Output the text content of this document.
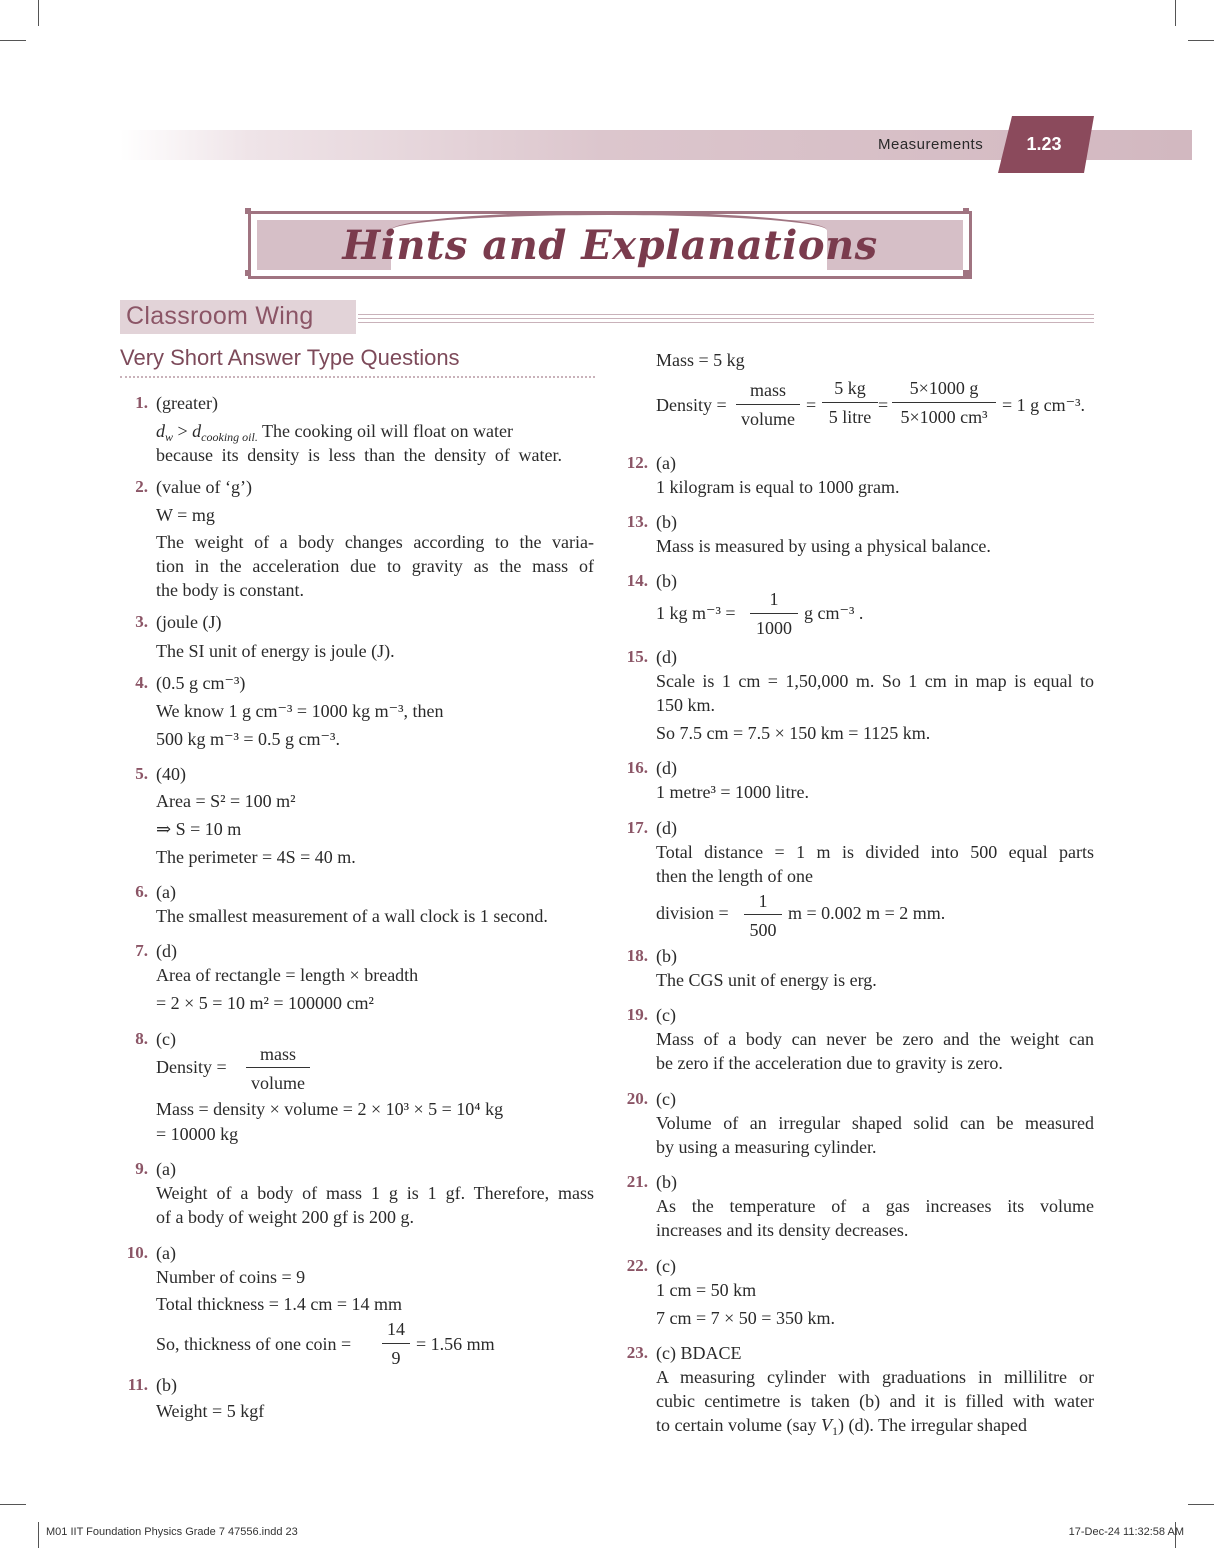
Measurements	1.23
Hints and Explanations
Classroom Wing
Very Short Answer Type Questions
1. (greater)
$d_w > d_{cooking oil.}$ The cooking oil will float on water
because its density is less than the density of water.
2. (value of ‘g’)
W = mg
The weight of a body changes according to the varia-
tion in the acceleration due to gravity as the mass of
the body is constant.
3. (joule (J)
The SI unit of energy is joule (J).
4. (0.5 g cm⁻³)
We know 1 g cm⁻³ = 1000 kg m⁻³, then
500 kg m⁻³ = 0.5 g cm⁻³.
5. (40)
Area = S² = 100 m²
⇒ S = 10 m
The perimeter = 4S = 40 m.
6. (a)
The smallest measurement of a wall clock is 1 second.
7. (d)
Area of rectangle = length × breadth
= 2 × 5 = 10 m² = 100000 cm²
8. (c)
Density =
mass
volume
Mass = density × volume = 2 × 10³ × 5 = 10⁴ kg
= 10000 kg
9. (a)
Weight of a body of mass 1 g is 1 gf. Therefore, mass
of a body of weight 200 gf is 200 g.
10. (a)
Number of coins = 9
Total thickness = 1.4 cm = 14 mm
So, thickness of one coin =
14
9
= 1.56 mm
11. (b)
Weight = 5 kgf
Mass = 5 kg
Density =
mass
volume
=
5 kg
5 litre
=
5×1000 g
5×1000 cm³
= 1 g cm⁻³.
12. (a)
1 kilogram is equal to 1000 gram.
13. (b)
Mass is measured by using a physical balance.
14. (b)
1 kg m⁻³ =
1
1000
g cm⁻³ .
15. (d)
Scale is 1 cm = 1,50,000 m. So 1 cm in map is equal to
150 km.
So 7.5 cm = 7.5 × 150 km = 1125 km.
16. (d)
1 metre³ = 1000 litre.
17. (d)
Total distance = 1 m is divided into 500 equal parts
then the length of one
division =
1
500
m = 0.002 m = 2 mm.
18. (b)
The CGS unit of energy is erg.
19. (c)
Mass of a body can never be zero and the weight can
be zero if the acceleration due to gravity is zero.
20. (c)
Volume of an irregular shaped solid can be measured
by using a measuring cylinder.
21. (b)
As the temperature of a gas increases its volume
increases and its density decreases.
22. (c)
1 cm = 50 km
7 cm = 7 × 50 = 350 km.
23. (c) BDACE
A measuring cylinder with graduations in millilitre or
cubic centimetre is taken (b) and it is filled with water
to certain volume (say $V_1$) (d). The irregular shaped
M01 IIT Foundation Physics Grade 7 47556.indd 23	17-Dec-24 11:32:58 AM
